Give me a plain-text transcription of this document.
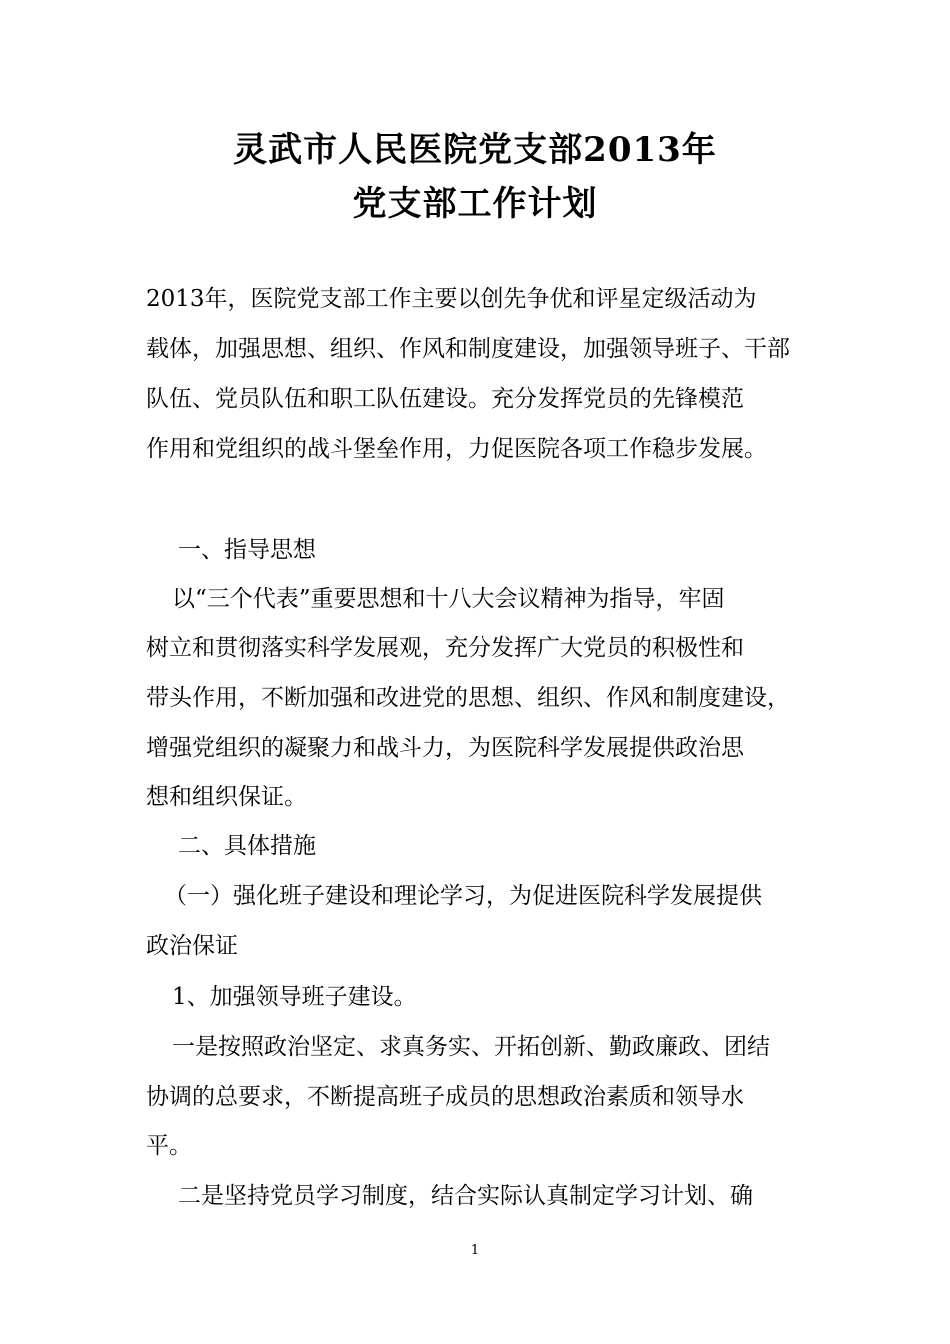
灵武市人民医院党支部2013年
党支部工作计划
2013年，医院党支部工作主要以创先争优和评星定级活动为
载体，加强思想、组织、作风和制度建设，加强领导班子、干部
队伍、党员队伍和职工队伍建设。充分发挥党员的先锋模范
作用和党组织的战斗堡垒作用，力促医院各项工作稳步发展。
一、指导思想
以“三个代表”重要思想和十八大会议精神为指导，牢固
树立和贯彻落实科学发展观，充分发挥广大党员的积极性和
带头作用，不断加强和改进党的思想、组织、作风和制度建设，
增强党组织的凝聚力和战斗力，为医院科学发展提供政治思
想和组织保证。
二、具体措施
（一）强化班子建设和理论学习，为促进医院科学发展提供
政治保证
1、加强领导班子建设。
一是按照政治坚定、求真务实、开拓创新、勤政廉政、团结
协调的总要求，不断提高班子成员的思想政治素质和领导水
平。
二是坚持党员学习制度，结合实际认真制定学习计划、确
1
